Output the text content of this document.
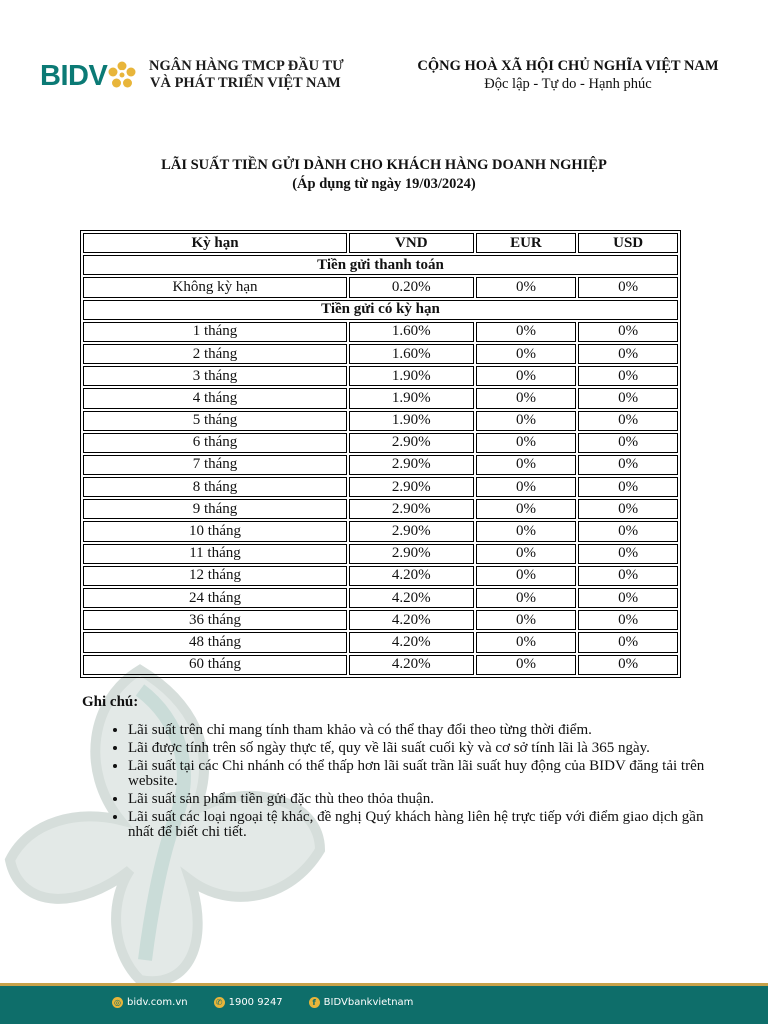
BIDV	NGÂN HÀNG TMCP ĐẦU TƯ
VÀ PHÁT TRIỂN VIỆT NAM
CỘNG HOÀ XÃ HỘI CHỦ NGHĨA VIỆT NAM
Độc lập - Tự do - Hạnh phúc
LÃI SUẤT TIỀN GỬI DÀNH CHO KHÁCH HÀNG DOANH NGHIỆP
(Áp dụng từ ngày 19/03/2024)
Kỳ hạn	VND	EUR	USD
Tiền gửi thanh toán			
Không kỳ hạn	0.20%	0%	0%
Tiền gửi có kỳ hạn			
1 tháng	1.60%	0%	0%
2 tháng	1.60%	0%	0%
3 tháng	1.90%	0%	0%
4 tháng	1.90%	0%	0%
5 tháng	1.90%	0%	0%
6 tháng	2.90%	0%	0%
7 tháng	2.90%	0%	0%
8 tháng	2.90%	0%	0%
9 tháng	2.90%	0%	0%
10 tháng	2.90%	0%	0%
11 tháng	2.90%	0%	0%
12 tháng	4.20%	0%	0%
24 tháng	4.20%	0%	0%
36 tháng	4.20%	0%	0%
48 tháng	4.20%	0%	0%
60 tháng	4.20%	0%	0%
Ghi chú:
• Lãi suất trên chỉ mang tính tham khảo và có thể thay đổi theo từng thời điểm.
• Lãi được tính trên số ngày thực tế, quy về lãi suất cuối kỳ và cơ sở tính lãi là 365 ngày.
• Lãi suất tại các Chi nhánh có thể thấp hơn lãi suất trần lãi suất huy động của BIDV đăng tải trên website.
• Lãi suất sản phẩm tiền gửi đặc thù theo thỏa thuận.
• Lãi suất các loại ngoại tệ khác, đề nghị Quý khách hàng liên hệ trực tiếp với điểm giao dịch gần nhất để biết chi tiết.
◎ bidv.com.vn	✆ 1900 9247	f BIDVbankvietnam
